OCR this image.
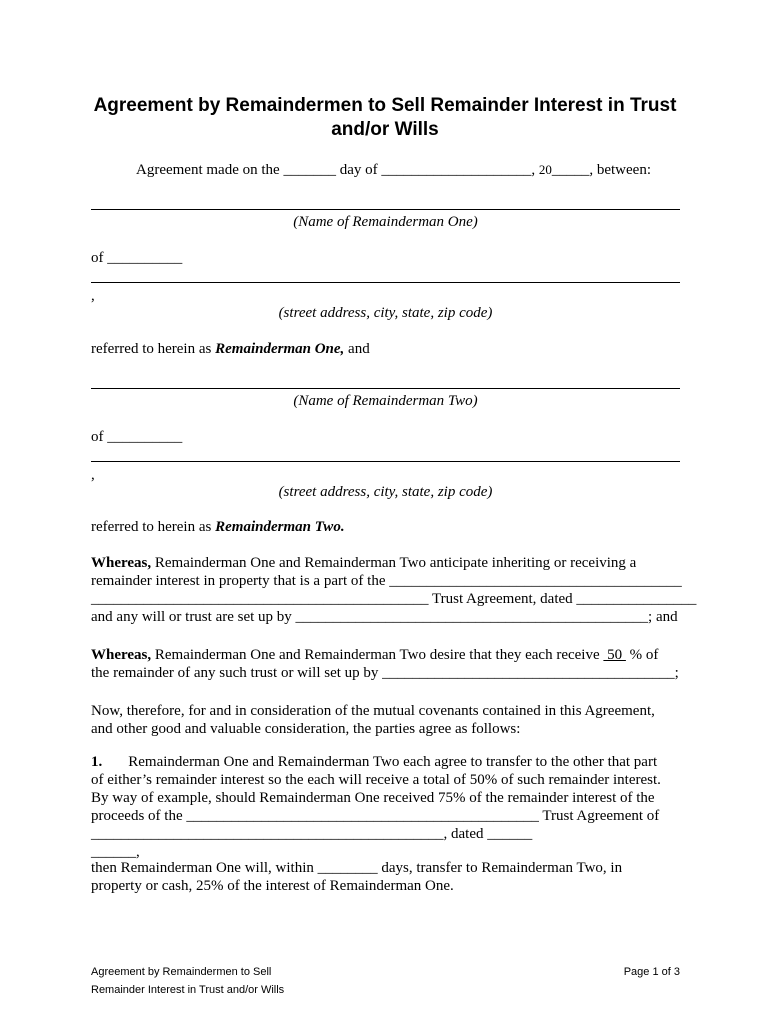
Agreement by Remaindermen to Sell Remainder Interest in Trust and/or Wills
Agreement made on the _______ day of ____________________, 20_____, between:
(Name of Remainderman One)
of __________
,
(street address, city, state, zip code)
referred to herein as Remainderman One, and
(Name of Remainderman Two)
of __________
,
(street address, city, state, zip code)
referred to herein as Remainderman Two.
Whereas, Remainderman One and Remainderman Two anticipate inheriting or receiving a
remainder interest in property that is a part of the _______________________________________
_____________________________________________ Trust Agreement, dated ________________
and any will or trust are set up by _______________________________________________; and
Whereas, Remainderman One and Remainderman Two desire that they each receive  50  % of
the remainder of any such trust or will set up by _______________________________________;
Now, therefore, for and in consideration of the mutual covenants contained in this Agreement,
and other good and valuable consideration, the parties agree as follows:
1. Remainderman One and Remainderman Two each agree to transfer to the other that part
of either’s remainder interest so the each will receive a total of 50% of such remainder interest.
By way of example, should Remainderman One received 75% of the remainder interest of the
proceeds of the _______________________________________________ Trust Agreement of
_______________________________________________, dated ______
______,
then Remainderman One will, within ________ days, transfer to Remainderman Two, in
property or cash, 25% of the interest of Remainderman One.
Agreement by Remaindermen to Sell
Remainder Interest in Trust and/or Wills
Page 1 of 3
